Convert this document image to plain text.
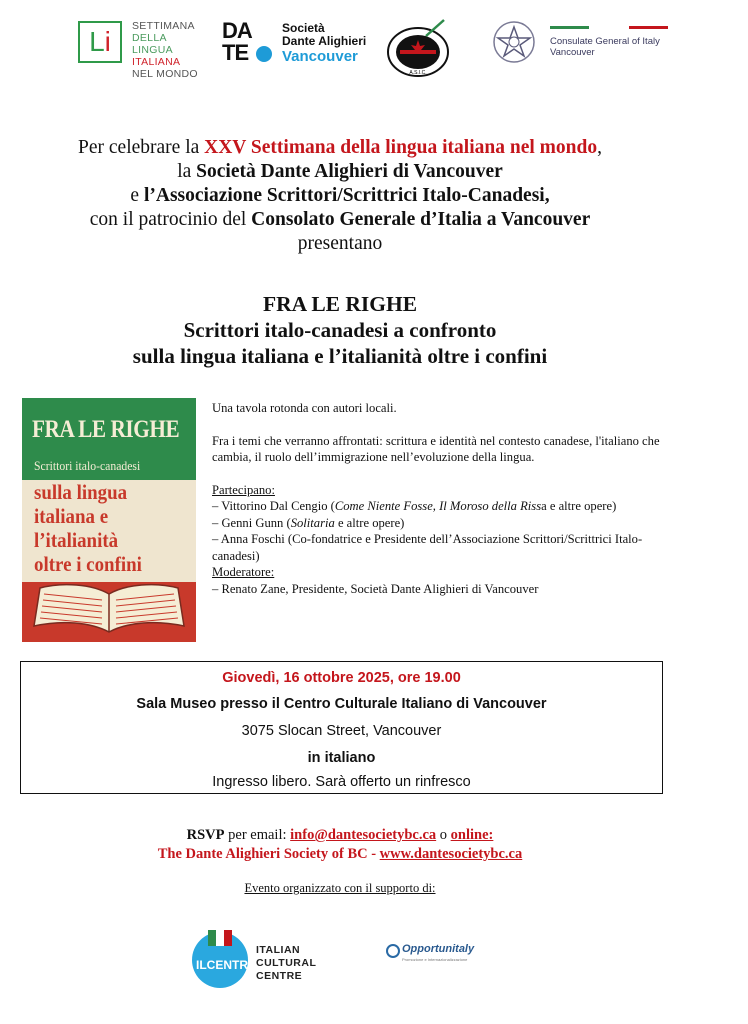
Li	SETTIMANA
DELLA LINGUA
ITALIANA
NEL MONDO
DA
TE
Società
Dante Alighieri
Vancouver
A.S.I.C.
Consulate General of Italy
Vancouver
Per celebrare la XXV Settimana della lingua italiana nel mondo,
la Società Dante Alighieri di Vancouver
e l’Associazione Scrittori/Scrittrici Italo-Canadesi,
con il patrocinio del Consolato Generale d’Italia a Vancouver
presentano
FRA LE RIGHE
Scrittori italo-canadesi a confronto
sulla lingua italiana e l’italianità oltre i confini
FRA LE RIGHE
Scrittori italo-canadesi
sulla lingua
italiana e
l’italianità
oltre i confini

Una tavola rotonda con autori locali.

Fra i temi che verranno affrontati: scrittura e identità nel contesto canadese, l'italiano che cambia, il ruolo dell’immigrazione nell’evoluzione della lingua.

Partecipano:

– Vittorino Dal Cengio (Come Niente Fosse, Il Moroso della Rissa e altre opere)

– Genni Gunn (Solitaria e altre opere)

– Anna Foschi (Co-fondatrice e Presidente dell’Associazione Scrittori/Scrittrici Italo-canadesi)

Moderatore:

– Renato Zane, Presidente, Società Dante Alighieri di Vancouver

Giovedì, 16 ottobre 2025, ore 19.00
Sala Museo presso il Centro Culturale Italiano di Vancouver
3075 Slocan Street, Vancouver
in italiano
Ingresso libero. Sarà offerto un rinfresco
RSVP per email: info@dantesocietybc.ca o online:
The Dante Alighieri Society of BC - www.dantesocietybc.ca
Evento organizzato con il supporto di:
ILCENTRO
ITALIAN
CULTURAL
CENTRE
Opportunitaly
Promozione e Internazionalizzazione
